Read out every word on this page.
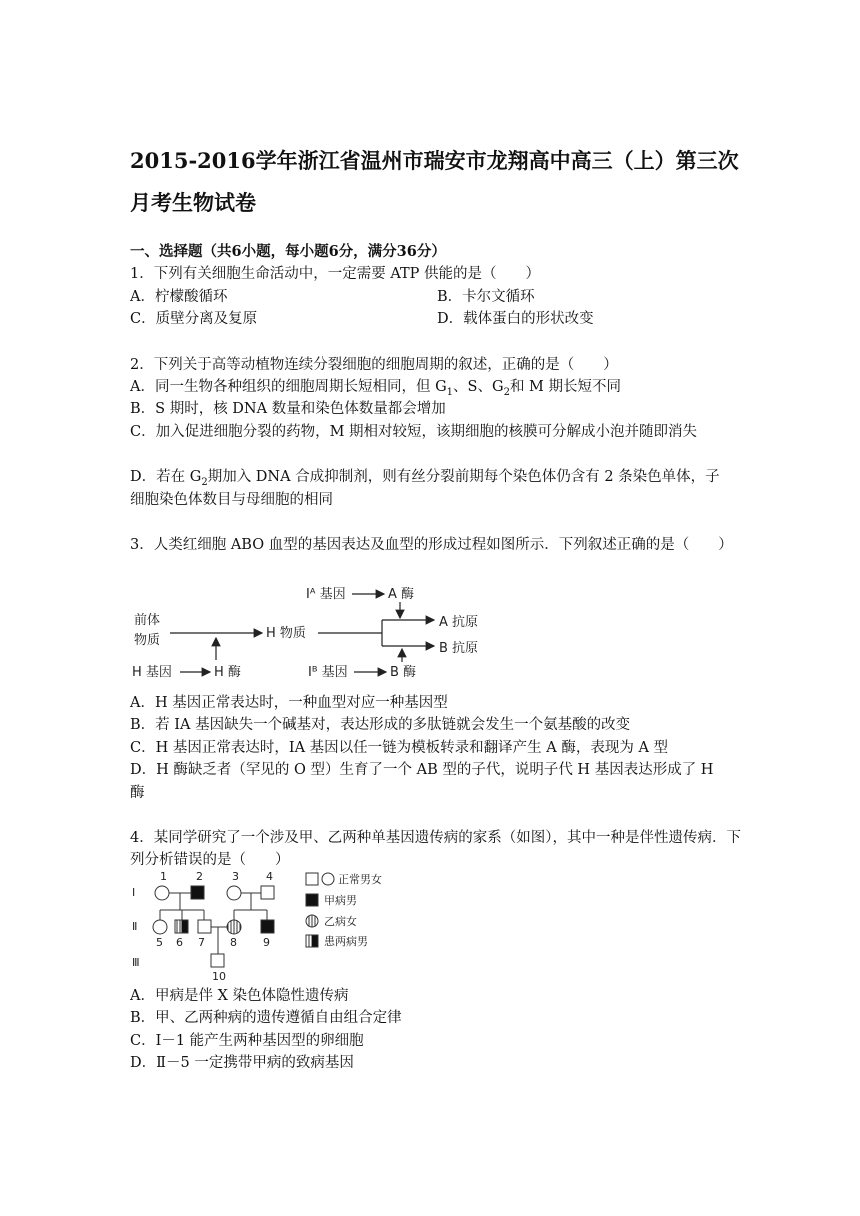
2015-2016学年浙江省温州市瑞安市龙翔高中高三（上）第三次月考生物试卷
一、选择题（共6小题，每小题6分，满分36分）
1．下列有关细胞生命活动中，一定需要 ATP 供能的是（　　）
A．柠檬酸循环	B．卡尔文循环
C．质壁分离及复原	D．载体蛋白的形状改变
2．下列关于高等动植物连续分裂细胞的细胞周期的叙述，正确的是（　　）
A．同一生物各种组织的细胞周期长短相同，但 $G_1$、S、$G_2$和 M 期长短不同
B．S 期时，核 DNA 数量和染色体数量都会增加
C．加入促进细胞分裂的药物，M 期相对较短，该期细胞的核膜可分解成小泡并随即消失
D．若在 $G_2$期加入 DNA 合成抑制剂，则有丝分裂前期每个染色体仍含有 2 条染色单体，子
细胞染色体数目与母细胞的相同
3．人类红细胞 ABO 血型的基因表达及血型的形成过程如图所示．下列叙述正确的是（　　）
前体
物质	H 物质
H 基因	H 酶
Iᴬ 基因	A 酶
Iᴮ 基因	B 酶
A 抗原
B 抗原
A．H 基因正常表达时，一种血型对应一种基因型
B．若 IA 基因缺失一个碱基对，表达形成的多肽链就会发生一个氨基酸的改变
C．H 基因正常表达时，IA 基因以任一链为模板转录和翻译产生 A 酶，表现为 A 型
D．H 酶缺乏者（罕见的 O 型）生育了一个 AB 型的子代，说明子代 H 基因表达形成了 H
酶
4．某同学研究了一个涉及甲、乙两种单基因遗传病的家系（如图），其中一种是伴性遗传病．下
列分析错误的是（　　）
Ⅰ
Ⅱ
Ⅲ
1	2	3 4
5 6 7 8 9
10
正常男女
甲病男
乙病女
患两病男
A．甲病是伴 X 染色体隐性遗传病
B．甲、乙两种病的遗传遵循自由组合定律
C．Ⅰ－1 能产生两种基因型的卵细胞
D．Ⅱ－5 一定携带甲病的致病基因
